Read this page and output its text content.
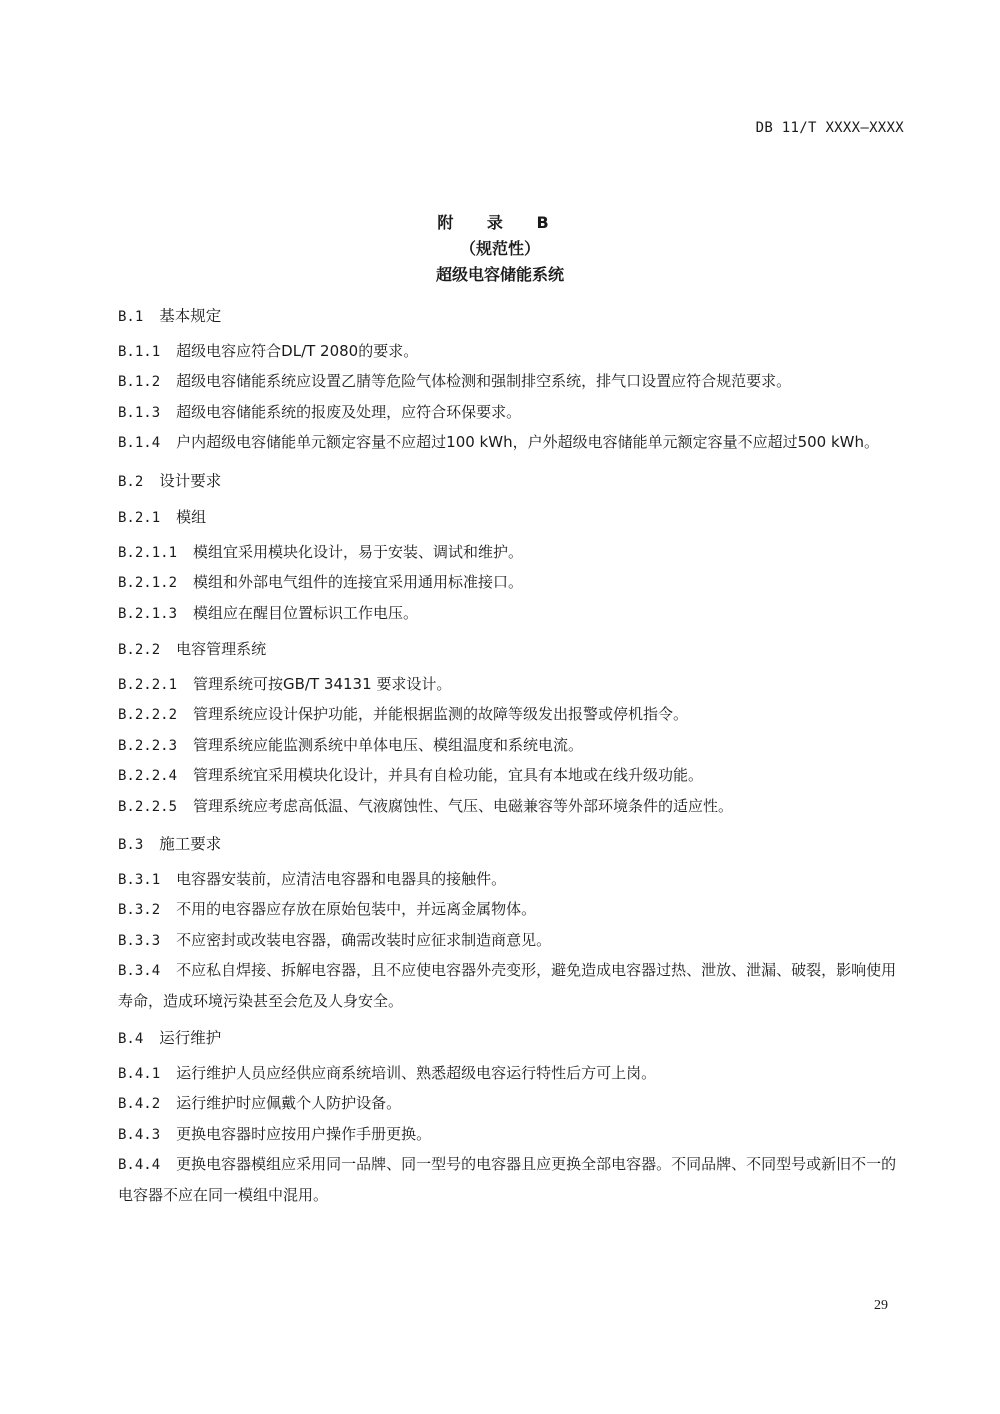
DB 11/T XXXX—XXXX
附 录 B
（规范性）
超级电容储能系统

B.1 基本规定

B.1.1 超级电容应符合DL/T 2080的要求。

B.1.2 超级电容储能系统应设置乙腈等危险气体检测和强制排空系统，排气口设置应符合规范要求。

B.1.3 超级电容储能系统的报废及处理，应符合环保要求。

B.1.4 户内超级电容储能单元额定容量不应超过100 kWh，户外超级电容储能单元额定容量不应超过500 kWh。

B.2 设计要求

B.2.1 模组

B.2.1.1 模组宜采用模块化设计，易于安装、调试和维护。

B.2.1.2 模组和外部电气组件的连接宜采用通用标准接口。

B.2.1.3 模组应在醒目位置标识工作电压。

B.2.2 电容管理系统

B.2.2.1 管理系统可按GB/T 34131 要求设计。

B.2.2.2 管理系统应设计保护功能，并能根据监测的故障等级发出报警或停机指令。

B.2.2.3 管理系统应能监测系统中单体电压、模组温度和系统电流。

B.2.2.4 管理系统宜采用模块化设计，并具有自检功能，宜具有本地或在线升级功能。

B.2.2.5 管理系统应考虑高低温、气液腐蚀性、气压、电磁兼容等外部环境条件的适应性。

B.3 施工要求

B.3.1 电容器安装前，应清洁电容器和电器具的接触件。

B.3.2 不用的电容器应存放在原始包装中，并远离金属物体。

B.3.3 不应密封或改装电容器，确需改装时应征求制造商意见。

B.3.4 不应私自焊接、拆解电容器，且不应使电容器外壳变形，避免造成电容器过热、泄放、泄漏、破裂，影响使用寿命，造成环境污染甚至会危及人身安全。

B.4 运行维护

B.4.1 运行维护人员应经供应商系统培训、熟悉超级电容运行特性后方可上岗。

B.4.2 运行维护时应佩戴个人防护设备。

B.4.3 更换电容器时应按用户操作手册更换。

B.4.4 更换电容器模组应采用同一品牌、同一型号的电容器且应更换全部电容器。不同品牌、不同型号或新旧不一的电容器不应在同一模组中混用。

29
